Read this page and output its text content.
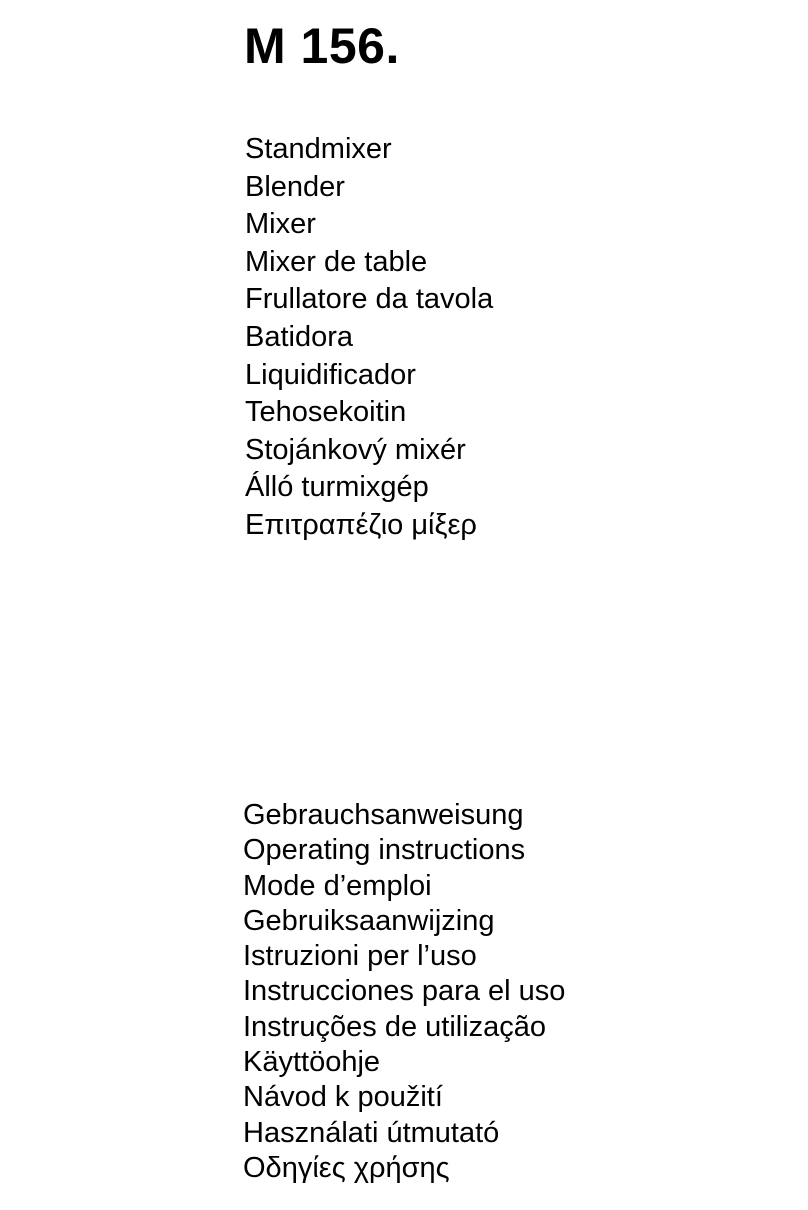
M 156.
Standmixer
Blender
Mixer
Mixer de table
Frullatore da tavola
Batidora
Liquidificador
Tehosekoitin
Stojánkový mixér
Álló turmixgép
Επιτραπέζιο μίξερ
Gebrauchsanweisung
Operating instructions
Mode d’emploi
Gebruiksaanwijzing
Istruzioni per l’uso
Instrucciones para el uso
Instruções de utilização
Käyttöohje
Návod k použití
Használati útmutató
Οδηγίες χρήσης
